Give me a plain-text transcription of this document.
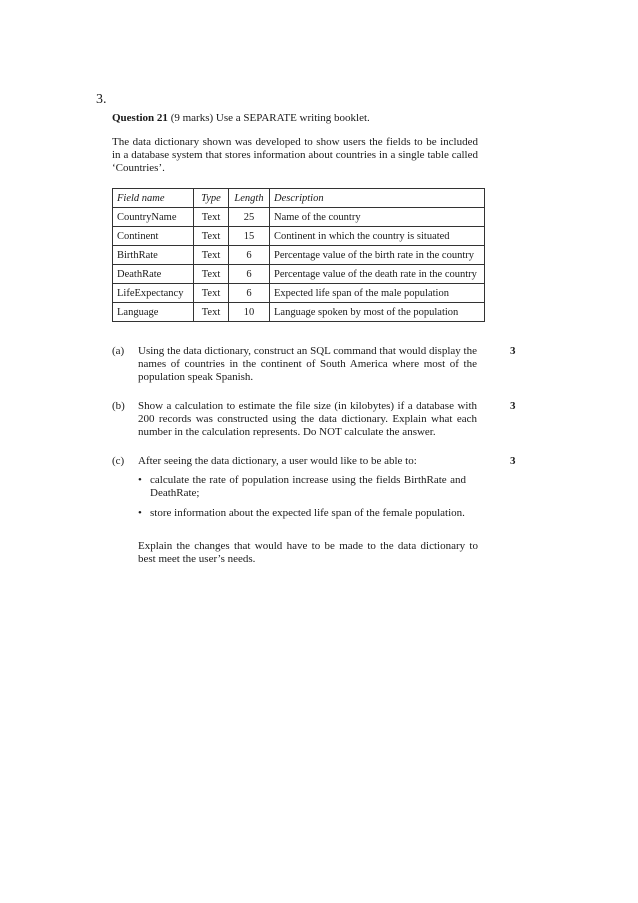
3.
Question 21 (9 marks) Use a SEPARATE writing booklet.
The data dictionary shown was developed to show users the fields to be included in a database system that stores information about countries in a single table called ‘Countries’.
Field name	Type	Length	Description
CountryName	Text	25	Name of the country
Continent	Text	15	Continent in which the country is situated
BirthRate	Text	6	Percentage value of the birth rate in the country
DeathRate	Text	6	Percentage value of the death rate in the country
LifeExpectancy	Text	6	Expected life span of the male population
Language	Text	10	Language spoken by most of the population
(a) Using the data dictionary, construct an SQL command that would display the names of countries in the continent of South America where most of the population speak Spanish.
3
(b) Show a calculation to estimate the file size (in kilobytes) if a database with 200 records was constructed using the data dictionary. Explain what each number in the calculation represents. Do NOT calculate the answer.
3
(c) After seeing the data dictionary, a user would like to be able to:	3
• calculate the rate of population increase using the fields BirthRate and DeathRate;
• store information about the expected life span of the female population.
Explain the changes that would have to be made to the data dictionary to best meet the user’s needs.
